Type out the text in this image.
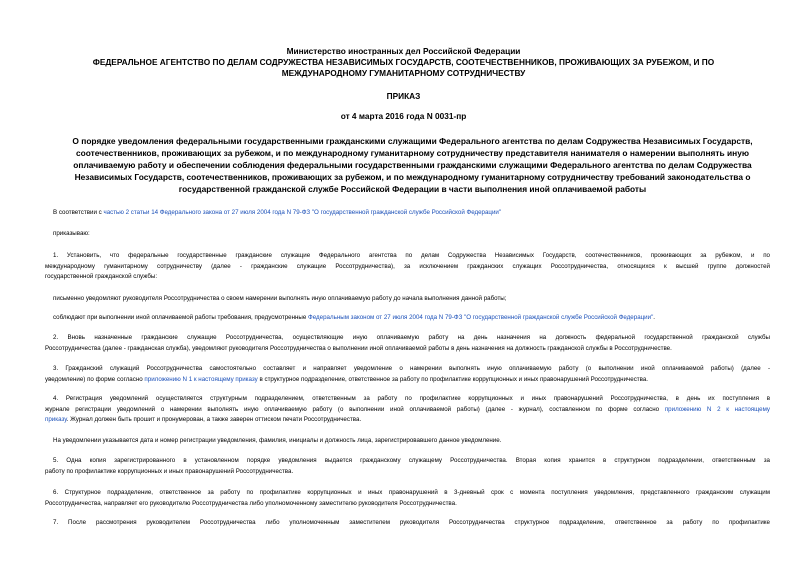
Министерство иностранных дел Российской Федерации
ФЕДЕРАЛЬНОЕ АГЕНТСТВО ПО ДЕЛАМ СОДРУЖЕСТВА НЕЗАВИСИМЫХ ГОСУДАРСТВ, СООТЕЧЕСТВЕННИКОВ, ПРОЖИВАЮЩИХ ЗА РУБЕЖОМ, И ПО
МЕЖДУНАРОДНОМУ ГУМАНИТАРНОМУ СОТРУДНИЧЕСТВУ
ПРИКАЗ
от 4 марта 2016 года N 0031-пр
О порядке уведомления федеральными государственными гражданскими служащими Федерального агентства по делам Содружества Независимых Государств,
соотечественников, проживающих за рубежом, и по международному гуманитарному сотрудничеству представителя нанимателя о намерении выполнять иную
оплачиваемую работу и обеспечении соблюдения федеральными государственными гражданскими служащими Федерального агентства по делам Содружества
Независимых Государств, соотечественников, проживающих за рубежом, и по международному гуманитарному сотрудничеству требований законодательства о
государственной гражданской службе Российской Федерации в части выполнения иной оплачиваемой работы
В соответствии с частью 2 статьи 14 Федерального закона от 27 июля 2004 года N 79-ФЗ "О государственной гражданской службе Российской Федерации"
приказываю:
1. Установить, что федеральные государственные гражданские служащие Федерального агентства по делам Содружества Независимых Государств, соотечественников, проживающих за рубежом, и по
международному гуманитарному сотрудничеству (далее - гражданские служащие Россотрудничества), за исключением гражданских служащих Россотрудничества, относящихся к высшей группе должностей
государственной гражданской службы:
письменно уведомляют руководителя Россотрудничества о своем намерении выполнять иную оплачиваемую работу до начала выполнения данной работы;
соблюдают при выполнении иной оплачиваемой работы требования, предусмотренные Федеральным законом от 27 июля 2004 года N 79-ФЗ "О государственной гражданской службе Российской Федерации".
2. Вновь назначенные гражданские служащие Россотрудничества, осуществляющие иную оплачиваемую работу на день назначения на должность федеральной государственной гражданской службы
Россотрудничества (далее - гражданская служба), уведомляют руководителя Россотрудничества о выполнении иной оплачиваемой работы в день назначения на должность гражданской службы в Россотрудничестве.
3. Гражданский служащий Россотрудничества самостоятельно составляет и направляет уведомление о намерении выполнять иную оплачиваемую работу (о выполнении иной оплачиваемой работы) (далее -
уведомление) по форме согласно приложению N 1 к настоящему приказу в структурное подразделение, ответственное за работу по профилактике коррупционных и иных правонарушений Россотрудничества.
4. Регистрация уведомлений осуществляется структурным подразделением, ответственным за работу по профилактике коррупционных и иных правонарушений Россотрудничества, в день их поступления в
журнале регистрации уведомлений о намерении выполнять иную оплачиваемую работу (о выполнении иной оплачиваемой работы) (далее - журнал), составленном по форме согласно приложению N 2 к настоящему
приказу. Журнал должен быть прошит и пронумерован, а также заверен оттиском печати Россотрудничества.
На уведомлении указывается дата и номер регистрации уведомления, фамилия, инициалы и должность лица, зарегистрировавшего данное уведомление.
5. Одна копия зарегистрированного в установленном порядке уведомления выдается гражданскому служащему Россотрудничества. Вторая копия хранится в структурном подразделении, ответственным за
работу по профилактике коррупционных и иных правонарушений Россотрудничества.
6. Структурное подразделение, ответственное за работу по профилактике коррупционных и иных правонарушений в 3-дневный срок с момента поступления уведомления, представленного гражданским служащим
Россотрудничества, направляет его руководителю Россотрудничества либо уполномоченному заместителю руководителя Россотрудничества.
7. После рассмотрения руководителем Россотрудничества либо уполномоченным заместителем руководителя Россотрудничества структурное подразделение, ответственное за работу по профилактике
